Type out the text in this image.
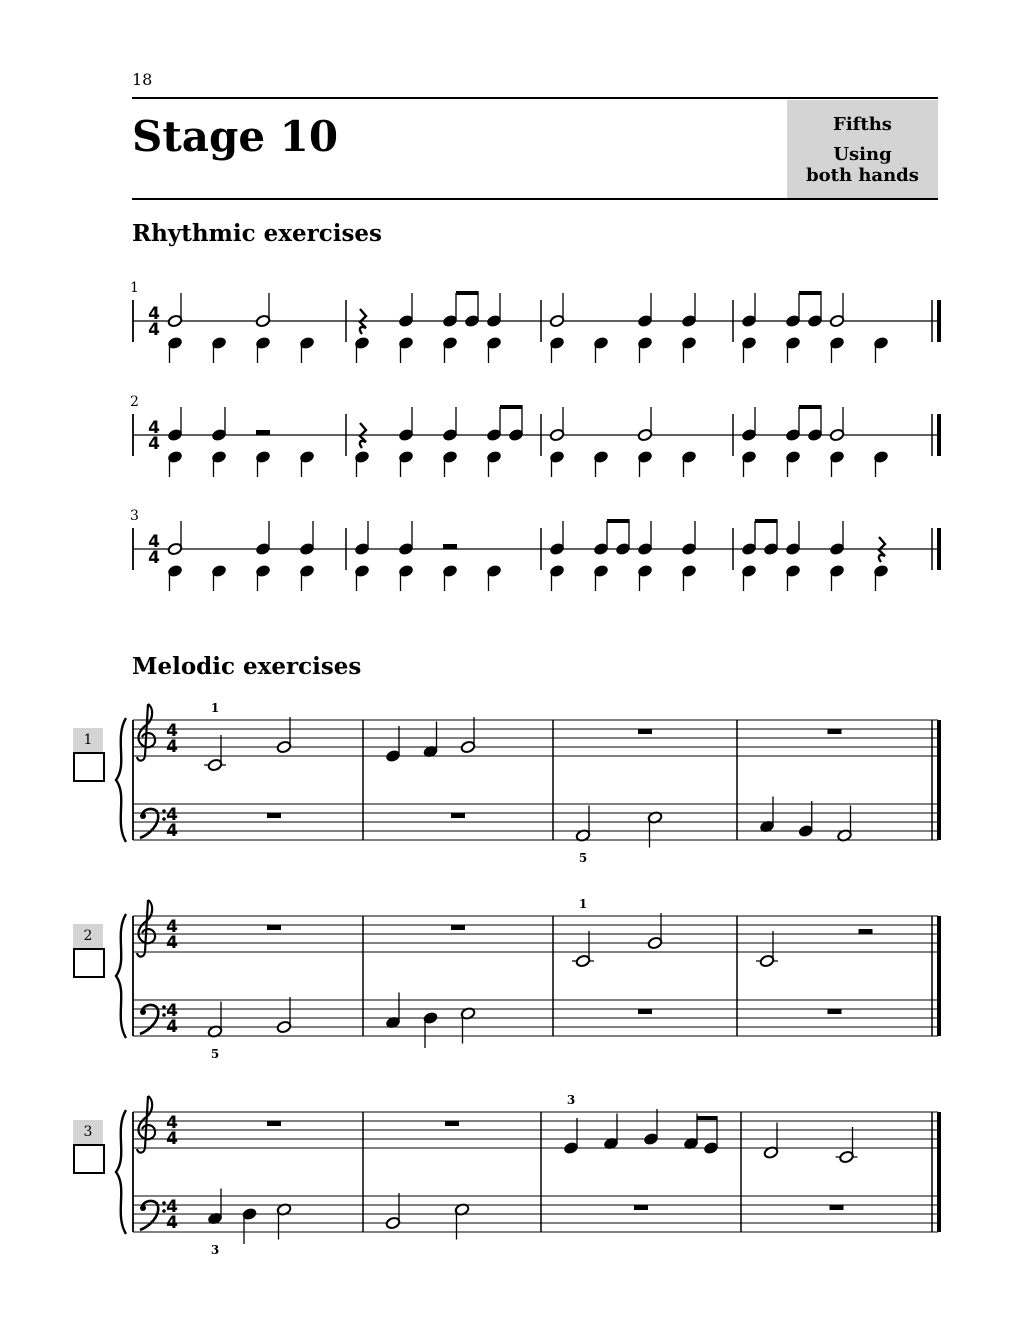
18
Stage 10	Fifths
Using
both hands
Rhythmic exercises
1
2
3
Melodic exercises
1
2
3
4
4
4
4
4
4
4
4
4
4
1
5
4
4
4
4
5
1
4
4
4
4
3
3
